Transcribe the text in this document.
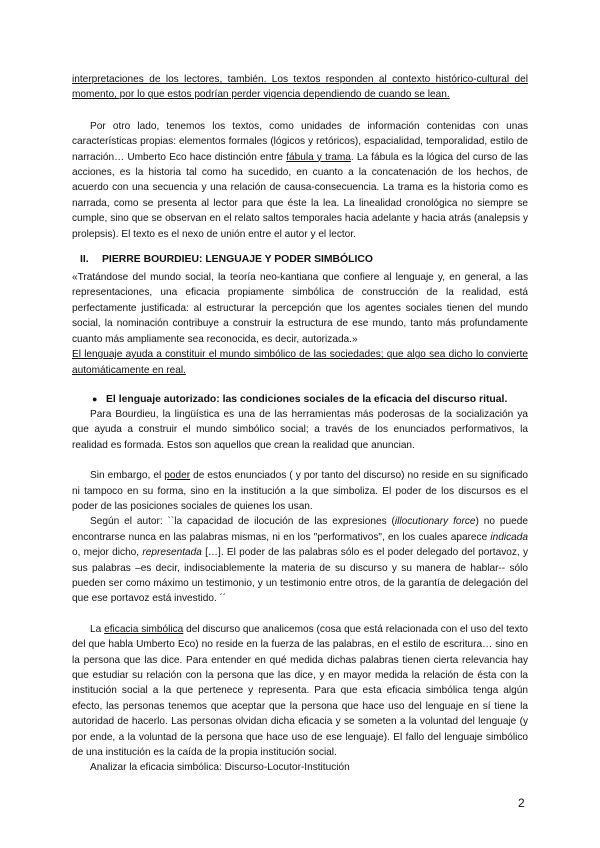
interpretaciones de los lectores, también. Los textos responden al contexto histórico-cultural del momento, por lo que estos podrían perder vigencia dependiendo de cuando se lean.

Por otro lado, tenemos los textos, como unidades de información contenidas con unas características propias: elementos formales (lógicos y retóricos), espacialidad, temporalidad, estilo de narración… Umberto Eco hace distinción entre fábula y trama. La fábula es la lógica del curso de las acciones, es la historia tal como ha sucedido, en cuanto a la concatenación de los hechos, de acuerdo con una secuencia y una relación de causa-consecuencia. La trama es la historia como es narrada, como se presenta al lector para que éste la lea. La linealidad cronológica no siempre se cumple, sino que se observan en el relato saltos temporales hacia adelante y hacia atrás (analepsis y prolepsis). El texto es el nexo de unión entre el autor y el lector.

II. PIERRE BOURDIEU: LENGUAJE Y PODER SIMBÓLICO

«Tratándose del mundo social, la teoría neo-kantiana que confiere al lenguaje y, en general, a las representaciones, una eficacia propiamente simbólica de construcción de la realidad, está perfectamente justificada: al estructurar la percepción que los agentes sociales tienen del mundo social, la nominación contribuye a construir la estructura de ese mundo, tanto más profundamente cuanto más ampliamente sea reconocida, es decir, autorizada.»

El lenguaje ayuda a constituir el mundo simbólico de las sociedades; que algo sea dicho lo convierte automáticamente en real.

● El lenguaje autorizado: las condiciones sociales de la eficacia del discurso ritual.

Para Bourdieu, la lingüística es una de las herramientas más poderosas de la socialización ya que ayuda a construir el mundo simbólico social; a través de los enunciados performativos, la realidad es formada. Estos son aquellos que crean la realidad que anuncian.

Sin embargo, el poder de estos enunciados ( y por tanto del discurso) no reside en su significado ni tampoco en su forma, sino en la institución a la que simboliza. El poder de los discursos es el poder de las posiciones sociales de quienes los usan.

Según el autor: ``la capacidad de ilocución de las expresiones (illocutionary force) no puede encontrarse nunca en las palabras mismas, ni en los "performativos", en los cuales aparece indicada o, mejor dicho, representada […]. El poder de las palabras sólo es el poder delegado del portavoz, y sus palabras –es decir, indisociablemente la materia de su discurso y su manera de hablar-- sólo pueden ser como máximo un testimonio, y un testimonio entre otros, de la garantía de delegación del que ese portavoz está investido. ´´

La eficacia simbólica del discurso que analicemos (cosa que está relacionada con el uso del texto del que habla Umberto Eco) no reside en la fuerza de las palabras, en el estilo de escritura… sino en la persona que las dice. Para entender en qué medida dichas palabras tienen cierta relevancia hay que estudiar su relación con la persona que las dice, y en mayor medida la relación de ésta con la institución social a la que pertenece y representa. Para que esta eficacia simbólica tenga algún efecto, las personas tenemos que aceptar que la persona que hace uso del lenguaje en sí tiene la autoridad de hacerlo. Las personas olvidan dicha eficacia y se someten a la voluntad del lenguaje (y por ende, a la voluntad de la persona que hace uso de ese lenguaje). El fallo del lenguaje simbólico de una institución es la caída de la propia institución social.

Analizar la eficacia simbólica: Discurso-Locutor-Institución

2
